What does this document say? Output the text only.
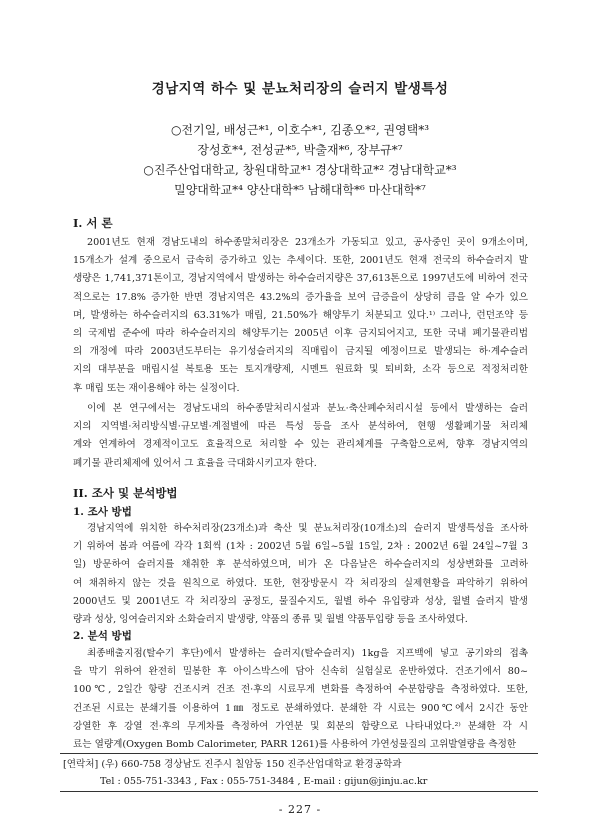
경남지역 하수 및 분뇨처리장의 슬러지 발생특성
○전기일, 배성근*¹, 이호수*¹, 김종오*², 권영택*³
장성호*⁴, 전성균*⁵, 박출재*⁶, 장부규*⁷
○진주산업대학교, 창원대학교*¹ 경상대학교*² 경남대학교*³
밀양대학교*⁴ 양산대학*⁵ 남해대학*⁶ 마산대학*⁷
I. 서 론
2001년도 현재 경남도내의 하수종말처리장은 23개소가 가동되고 있고, 공사중인 곳이 9개소이며,
15개소가 설계 중으로서 급속히 증가하고 있는 추세이다. 또한, 2001년도 현재 전국의 하수슬러지 발
생량은 1,741,371톤이고, 경남지역에서 발생하는 하수슬러지량은 37,613톤으로 1997년도에 비하여 전국
적으로는 17.8% 증가한 반면 경남지역은 43.2%의 증가율을 보여 급증을이 상당히 큼을 알 수가 있으
며, 발생하는 하수슬러지의 63.31%가 매립, 21.50%가 해양투기 처분되고 있다.¹⁾ 그러나, 런던조약 등
의 국제법 준수에 따라 하수슬러지의 해양투기는 2005년 이후 금지되어지고, 또한 국내 폐기물관리법
의 개정에 따라 2003년도부터는 유기성슬러지의 직매립이 금지될 예정이므로 발생되는 하·계수슬러
지의 대부분을 매립시설 복토용 또는 토지개량제, 시멘트 원료화 및 퇴비화, 소각 등으로 적정처리한
후 매립 또는 재이용해야 하는 실정이다.
이에 본 연구에서는 경남도내의 하수종말처리시설과 분뇨·축산폐수처리시설 등에서 발생하는 슬러
지의 지역별·처리방식별·규모별·계절별에 따른 특성 등을 조사 분석하여, 현행 생활폐기물 처리체
계와 연계하여 경제적이고도 효율적으로 처리할 수 있는 관리체계를 구축함으로써, 향후 경남지역의
폐기물 관리체제에 있어서 그 효율을 극대화시키고자 한다.
II. 조사 및 분석방법
1. 조사 방법
경남지역에 위치한 하수처리장(23개소)과 축산 및 분뇨처리장(10개소)의 슬러지 발생특성을 조사하
기 위하여 봄과 여름에 각각 1회씩 (1차 : 2002년 5월 6일~5월 15일, 2차 : 2002년 6월 24일~7월 3
일) 방문하여 슬러지를 채취한 후 분석하였으며, 비가 온 다음날은 하수슬러지의 성상변화를 고려하
여 채취하지 않는 것을 원칙으로 하였다. 또한, 현장방문시 각 처리장의 실제현황을 파악하기 위하여
2000년도 및 2001년도 각 처리장의 공정도, 물질수지도, 월별 하수 유입량과 성상, 월별 슬러지 발생
량과 성상, 잉여슬러지와 소화슬러지 발생량, 약품의 종류 및 월별 약품투입량 등을 조사하였다.
2. 분석 방법
최종배출지점(탈수기 후단)에서 발생하는 슬러지(탈수슬러지) 1kg을 지프백에 넣고 공기와의 접촉
을 막기 위하여 완전히 밀봉한 후 아이스박스에 담아 신속히 실험실로 운반하였다. 건조기에서 80~
100℃, 2일간 항량 건조시켜 건조 전·후의 시료무게 변화를 측정하여 수분함량을 측정하였다. 또한,
건조된 시료는 분쇄기를 이용하여 1㎜ 정도로 분쇄하였다. 분쇄한 각 시료는 900℃에서 2시간 동안
강열한 후 강열 전·후의 무게차를 측정하여 가연분 및 회분의 함량으로 나타내었다.²⁾ 분쇄한 각 시
료는 열량계(Oxygen Bomb Calorimeter, PARR 1261)를 사용하여 가연성물질의 고위발열량을 측정한
[연락처] (우) 660-758 경상남도 진주시 칠암동 150 진주산업대학교 환경공학과
Tel : 055-751-3343 , Fax : 055-751-3484 , E-mail : gijun@jinju.ac.kr
- 227 -
